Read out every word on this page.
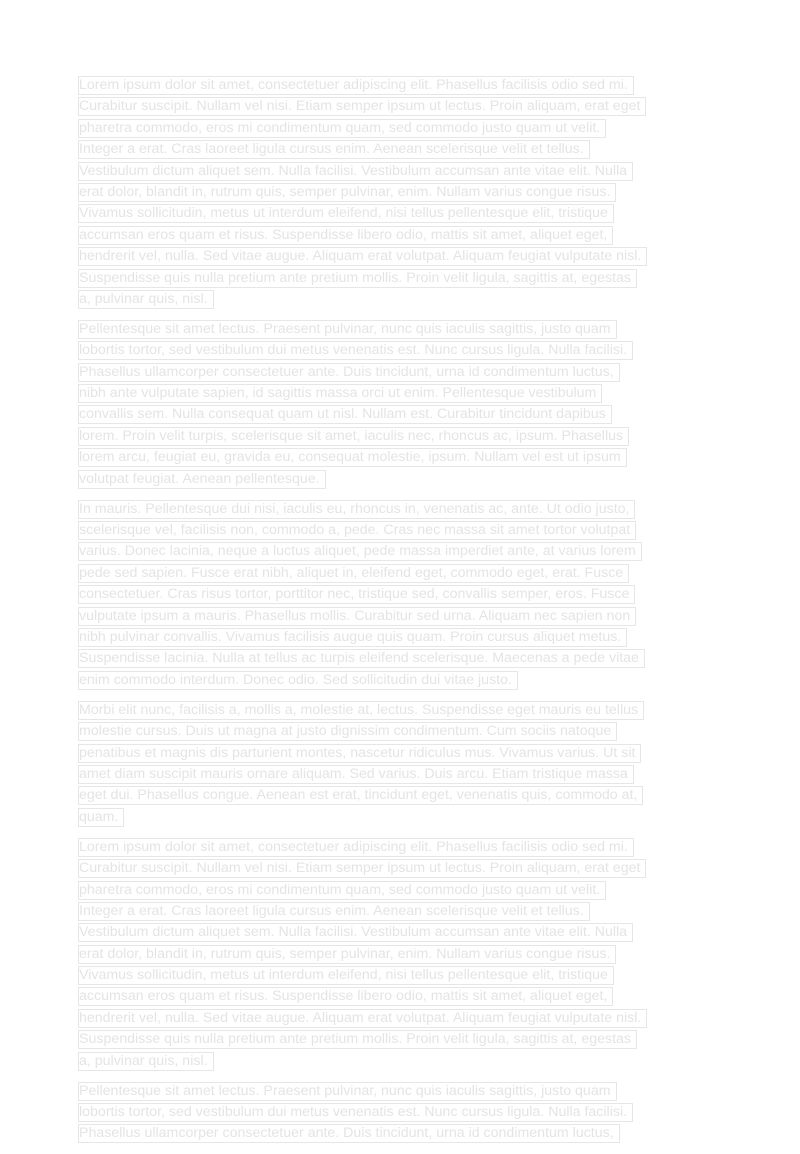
Lorem ipsum dolor sit amet, consectetuer adipiscing elit. Phasellus facilisis odio sed mi.
Curabitur suscipit. Nullam vel nisi. Etiam semper ipsum ut lectus. Proin aliquam, erat eget
pharetra commodo, eros mi condimentum quam, sed commodo justo quam ut velit.
Integer a erat. Cras laoreet ligula cursus enim. Aenean scelerisque velit et tellus.
Vestibulum dictum aliquet sem. Nulla facilisi. Vestibulum accumsan ante vitae elit. Nulla
erat dolor, blandit in, rutrum quis, semper pulvinar, enim. Nullam varius congue risus.
Vivamus sollicitudin, metus ut interdum eleifend, nisi tellus pellentesque elit, tristique
accumsan eros quam et risus. Suspendisse libero odio, mattis sit amet, aliquet eget,
hendrerit vel, nulla. Sed vitae augue. Aliquam erat volutpat. Aliquam feugiat vulputate nisl.
Suspendisse quis nulla pretium ante pretium mollis. Proin velit ligula, sagittis at, egestas
a, pulvinar quis, nisl.
Pellentesque sit amet lectus. Praesent pulvinar, nunc quis iaculis sagittis, justo quam
lobortis tortor, sed vestibulum dui metus venenatis est. Nunc cursus ligula. Nulla facilisi.
Phasellus ullamcorper consectetuer ante. Duis tincidunt, urna id condimentum luctus,
nibh ante vulputate sapien, id sagittis massa orci ut enim. Pellentesque vestibulum
convallis sem. Nulla consequat quam ut nisl. Nullam est. Curabitur tincidunt dapibus
lorem. Proin velit turpis, scelerisque sit amet, iaculis nec, rhoncus ac, ipsum. Phasellus
lorem arcu, feugiat eu, gravida eu, consequat molestie, ipsum. Nullam vel est ut ipsum
volutpat feugiat. Aenean pellentesque.
In mauris. Pellentesque dui nisi, iaculis eu, rhoncus in, venenatis ac, ante. Ut odio justo,
scelerisque vel, facilisis non, commodo a, pede. Cras nec massa sit amet tortor volutpat
varius. Donec lacinia, neque a luctus aliquet, pede massa imperdiet ante, at varius lorem
pede sed sapien. Fusce erat nibh, aliquet in, eleifend eget, commodo eget, erat. Fusce
consectetuer. Cras risus tortor, porttitor nec, tristique sed, convallis semper, eros. Fusce
vulputate ipsum a mauris. Phasellus mollis. Curabitur sed urna. Aliquam nec sapien non
nibh pulvinar convallis. Vivamus facilisis augue quis quam. Proin cursus aliquet metus.
Suspendisse lacinia. Nulla at tellus ac turpis eleifend scelerisque. Maecenas a pede vitae
enim commodo interdum. Donec odio. Sed sollicitudin dui vitae justo.
Morbi elit nunc, facilisis a, mollis a, molestie at, lectus. Suspendisse eget mauris eu tellus
molestie cursus. Duis ut magna at justo dignissim condimentum. Cum sociis natoque
penatibus et magnis dis parturient montes, nascetur ridiculus mus. Vivamus varius. Ut sit
amet diam suscipit mauris ornare aliquam. Sed varius. Duis arcu. Etiam tristique massa
eget dui. Phasellus congue. Aenean est erat, tincidunt eget, venenatis quis, commodo at,
quam.
Lorem ipsum dolor sit amet, consectetuer adipiscing elit. Phasellus facilisis odio sed mi.
Curabitur suscipit. Nullam vel nisi. Etiam semper ipsum ut lectus. Proin aliquam, erat eget
pharetra commodo, eros mi condimentum quam, sed commodo justo quam ut velit.
Integer a erat. Cras laoreet ligula cursus enim. Aenean scelerisque velit et tellus.
Vestibulum dictum aliquet sem. Nulla facilisi. Vestibulum accumsan ante vitae elit. Nulla
erat dolor, blandit in, rutrum quis, semper pulvinar, enim. Nullam varius congue risus.
Vivamus sollicitudin, metus ut interdum eleifend, nisi tellus pellentesque elit, tristique
accumsan eros quam et risus. Suspendisse libero odio, mattis sit amet, aliquet eget,
hendrerit vel, nulla. Sed vitae augue. Aliquam erat volutpat. Aliquam feugiat vulputate nisl.
Suspendisse quis nulla pretium ante pretium mollis. Proin velit ligula, sagittis at, egestas
a, pulvinar quis, nisl.
Pellentesque sit amet lectus. Praesent pulvinar, nunc quis iaculis sagittis, justo quam
lobortis tortor, sed vestibulum dui metus venenatis est. Nunc cursus ligula. Nulla facilisi.
Phasellus ullamcorper consectetuer ante. Duis tincidunt, urna id condimentum luctus,
